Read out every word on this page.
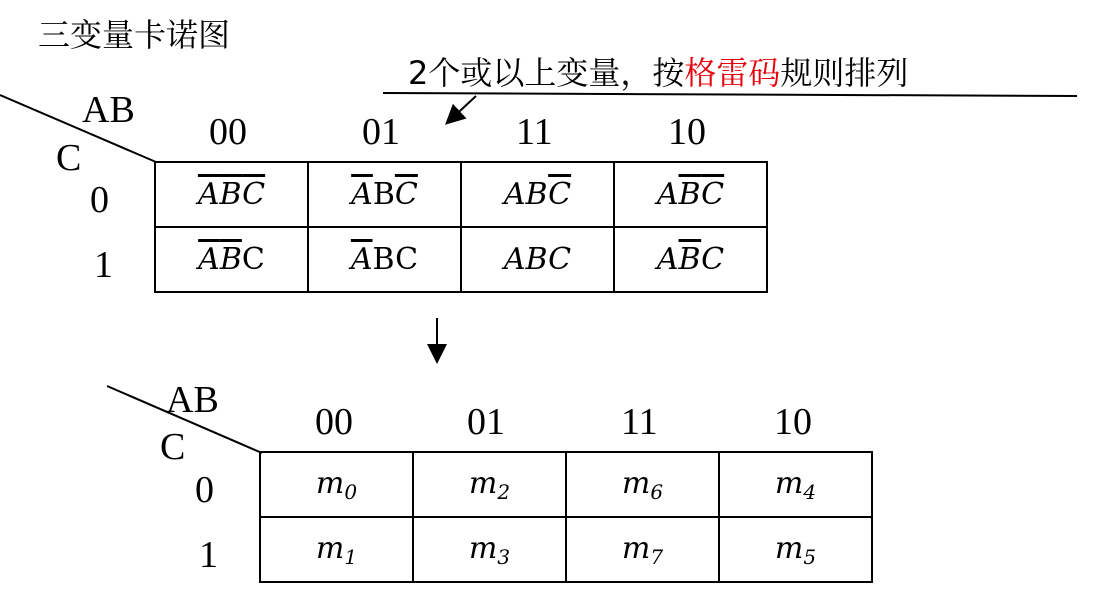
三变量卡诺图
2个或以上变量，按格雷码规则排列
AB
C
00	01	11	10
0
1
$\overline{A}\overline{B}\overline{C}$	$\overline{A}B\overline{C}$	$AB\overline{C}$	$A\overline{B}\overline{C}$
$\overline{A}\overline{B}C$	$\overline{A}BC$	ABC	$A\overline{B}C$
AB
C
00	01	11	10
0
1
$m_0$	$m_2$	$m_6$	$m_4$
$m_1$	$m_3$	$m_7$	$m_5$
